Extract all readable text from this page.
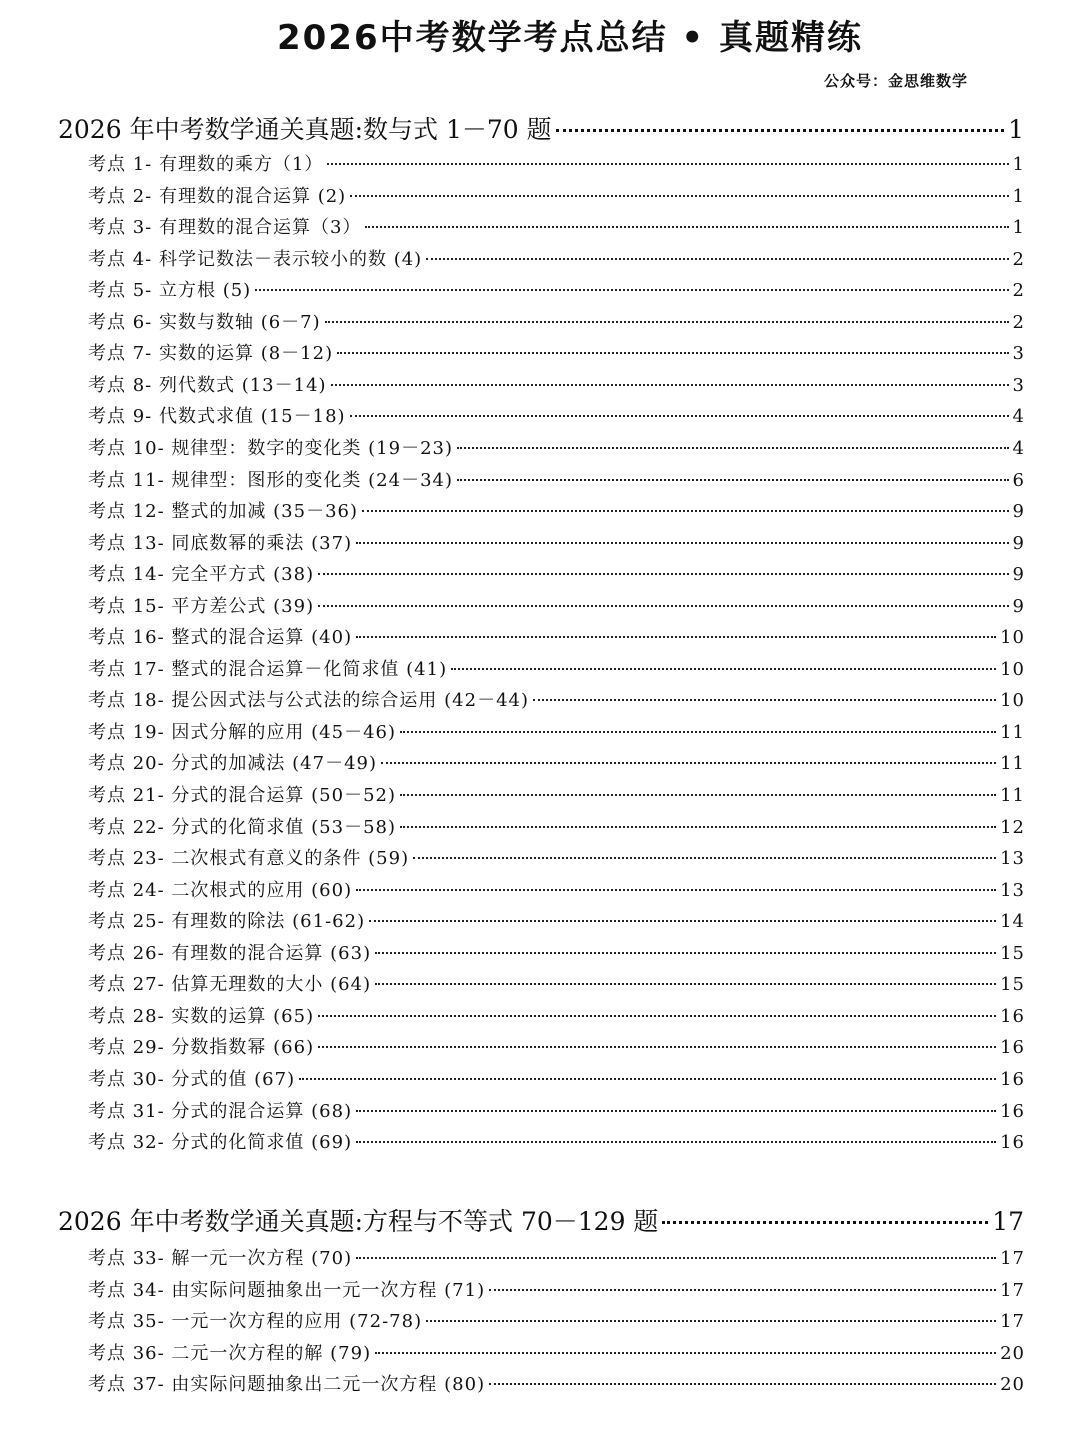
2026中考数学考点总结 • 真题精练
公众号：金思维数学
2026 年中考数学通关真题:数与式 1－70 题	1
考点 1- 有理数的乘方（1）	1
考点 2- 有理数的混合运算 (2)	1
考点 3- 有理数的混合运算（3）	1
考点 4- 科学记数法－表示较小的数 (4)	2
考点 5- 立方根 (5)	2
考点 6- 实数与数轴 (6－7)	2
考点 7- 实数的运算 (8－12)	3
考点 8- 列代数式 (13－14)	3
考点 9- 代数式求值 (15－18)	4
考点 10- 规律型：数字的变化类 (19－23)	4
考点 11- 规律型：图形的变化类 (24－34)	6
考点 12- 整式的加减 (35－36)	9
考点 13- 同底数幂的乘法 (37)	9
考点 14- 完全平方式 (38)	9
考点 15- 平方差公式 (39)	9
考点 16- 整式的混合运算 (40)	10
考点 17- 整式的混合运算－化简求值 (41)	10
考点 18- 提公因式法与公式法的综合运用 (42－44)	10
考点 19- 因式分解的应用 (45－46)	11
考点 20- 分式的加减法 (47－49)	11
考点 21- 分式的混合运算 (50－52)	11
考点 22- 分式的化简求值 (53－58)	12
考点 23- 二次根式有意义的条件 (59)	13
考点 24- 二次根式的应用 (60)	13
考点 25- 有理数的除法 (61-62)	14
考点 26- 有理数的混合运算 (63)	15
考点 27- 估算无理数的大小 (64)	15
考点 28- 实数的运算 (65)	16
考点 29- 分数指数幂 (66)	16
考点 30- 分式的值 (67)	16
考点 31- 分式的混合运算 (68)	16
考点 32- 分式的化简求值 (69)	16
2026 年中考数学通关真题:方程与不等式 70－129 题	17
考点 33- 解一元一次方程 (70)	17
考点 34- 由实际问题抽象出一元一次方程 (71)	17
考点 35- 一元一次方程的应用 (72-78)	17
考点 36- 二元一次方程的解 (79)	20
考点 37- 由实际问题抽象出二元一次方程 (80)	20
